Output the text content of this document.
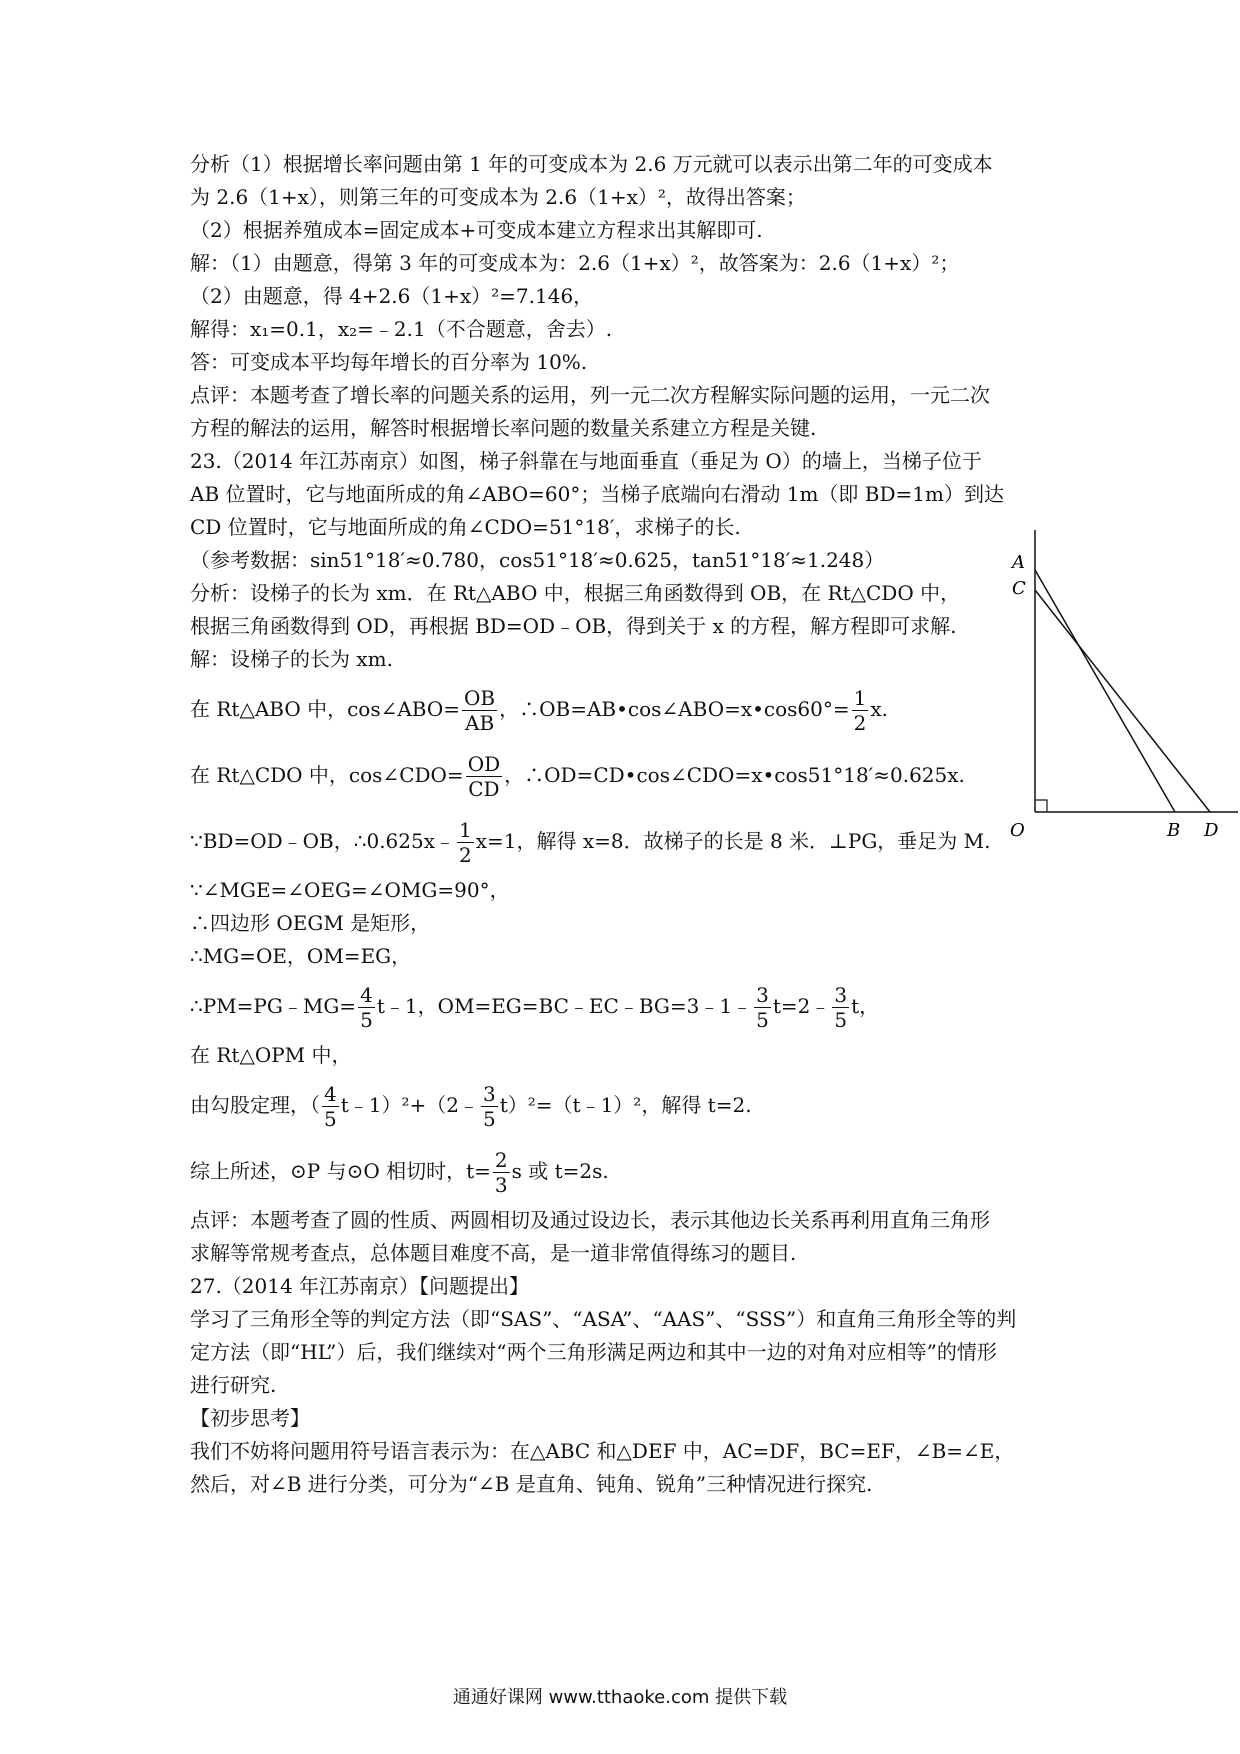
分析（1）根据增长率问题由第 1 年的可变成本为 2.6 万元就可以表示出第二年的可变成本
为 2.6（1+x），则第三年的可变成本为 2.6（1+x）²，故得出答案；
（2）根据养殖成本=固定成本+可变成本建立方程求出其解即可.
解：（1）由题意，得第 3 年的可变成本为：2.6（1+x）²，故答案为：2.6（1+x）²；
（2）由题意，得 4+2.6（1+x）²=7.146，
解得：x₁=0.1，x₂=﹣2.1（不合题意，舍去）.
答：可变成本平均每年增长的百分率为 10%.
点评：本题考查了增长率的问题关系的运用，列一元二次方程解实际问题的运用，一元二次
方程的解法的运用，解答时根据增长率问题的数量关系建立方程是关键.
23.（2014 年江苏南京）如图，梯子斜靠在与地面垂直（垂足为 O）的墙上，当梯子位于
AB 位置时，它与地面所成的角∠ABO=60°；当梯子底端向右滑动 1m（即 BD=1m）到达
CD 位置时，它与地面所成的角∠CDO=51°18′，求梯子的长.
（参考数据：sin51°18′≈0.780，cos51°18′≈0.625，tan51°18′≈1.248）
分析：设梯子的长为 xm．在 Rt△ABO 中，根据三角函数得到 OB，在 Rt△CDO 中，
根据三角函数得到 OD，再根据 BD=OD﹣OB，得到关于 x 的方程，解方程即可求解.
解：设梯子的长为 xm.
在 Rt△ABO 中，cos∠ABO= $\frac{OB}{AB}$ ，∴OB=AB•cos∠ABO=x•cos60°= $\frac{1}{2} x$.
在 Rt△CDO 中，cos∠CDO= $\frac{OD}{CD}$ ，∴OD=CD•cos∠CDO=x•cos51°18′≈0.625x.
∵BD=OD﹣OB，∴0.625x﹣ $\frac{1}{2} x=1$，解得 x=8．故梯子的长是 8 米．⊥PG，垂足为 M.
∵∠MGE=∠OEG=∠OMG=90°，
∴四边形 OEGM 是矩形，
∴MG=OE，OM=EG，
∴PM=PG﹣MG= $\frac{4}{5}$ t﹣1，OM=EG=BC﹣EC﹣BG=3﹣1﹣ $\frac{3}{5}$ t=2﹣ $\frac{3}{5}$ t，
在 Rt△OPM 中，
由勾股定理，（ $\frac{4}{5}$ t﹣1）²+（2﹣ $\frac{3}{5}$ t）²=（t﹣1）²，解得 t=2.
综上所述，⊙P 与⊙O 相切时，$t= \frac{2}{3}$ s 或 t=2s.
点评：本题考查了圆的性质、两圆相切及通过设边长，表示其他边长关系再利用直角三角形
求解等常规考查点，总体题目难度不高，是一道非常值得练习的题目.
27.（2014 年江苏南京）【问题提出】
学习了三角形全等的判定方法（即“SAS”、“ASA”、“AAS”、“SSS”）和直角三角形全等的判
定方法（即“HL”）后，我们继续对“两个三角形满足两边和其中一边的对角对应相等”的情形
进行研究.
【初步思考】
我们不妨将问题用符号语言表示为：在△ABC 和△DEF 中，AC=DF，BC=EF，∠B=∠E，
然后，对∠B 进行分类，可分为“∠B 是直角、钝角、锐角”三种情况进行探究.
A
C
O	B D
通通好课网 www.tthaoke.com 提供下载
